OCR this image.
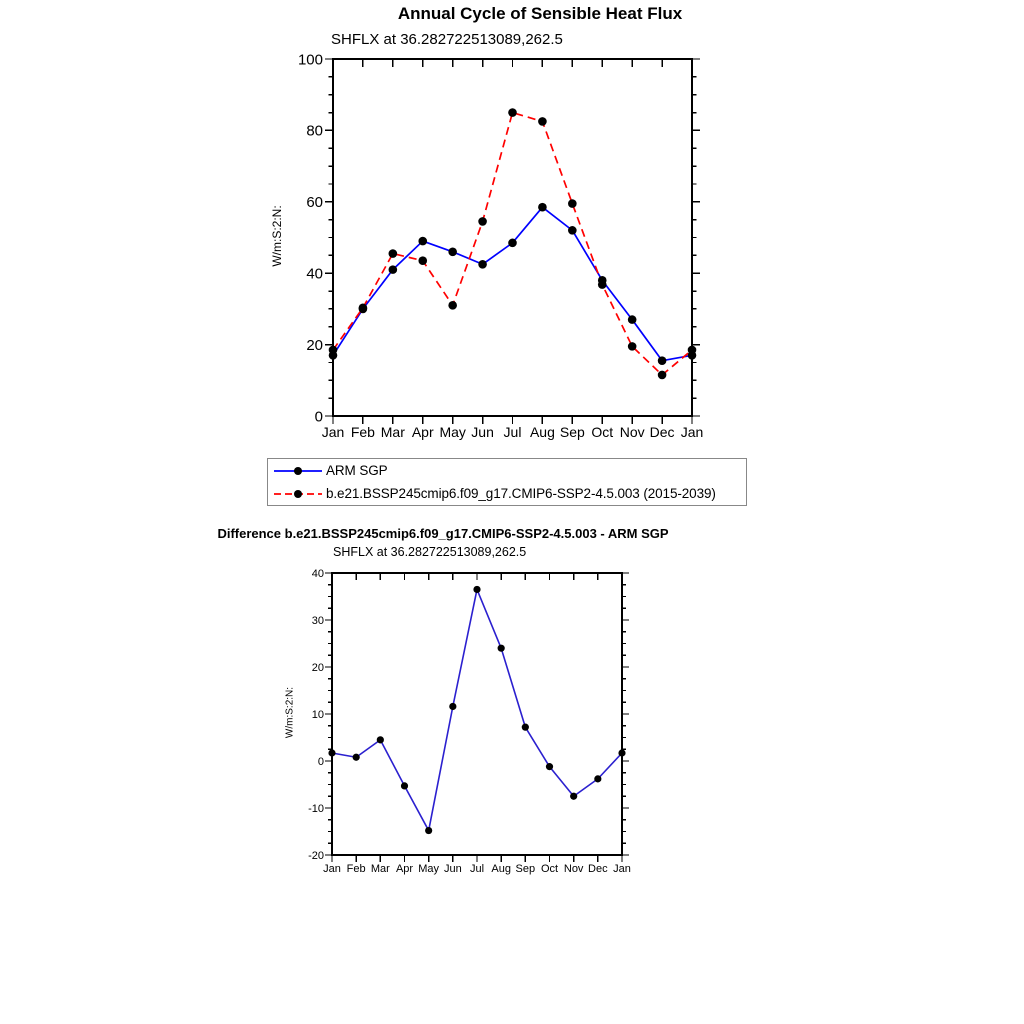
Annual Cycle of Sensible Heat Flux
SHFLX at 36.282722513089,262.5
W/m:S:2:N:
0
20
40
60
80
100
Jan Feb Mar Apr May Jun Jul Aug Sep Oct Nov Dec Jan
ARM SGP
b.e21.BSSP245cmip6.f09_g17.CMIP6-SSP2-4.5.003 (2015-2039)
Difference b.e21.BSSP245cmip6.f09_g17.CMIP6-SSP2-4.5.003 - ARM SGP
SHFLX at 36.282722513089,262.5
W/m:S:2:N:
-20
-10
0
10
20
30
40
Jan Feb Mar Apr May Jun Jul Aug Sep Oct Nov Dec Jan
